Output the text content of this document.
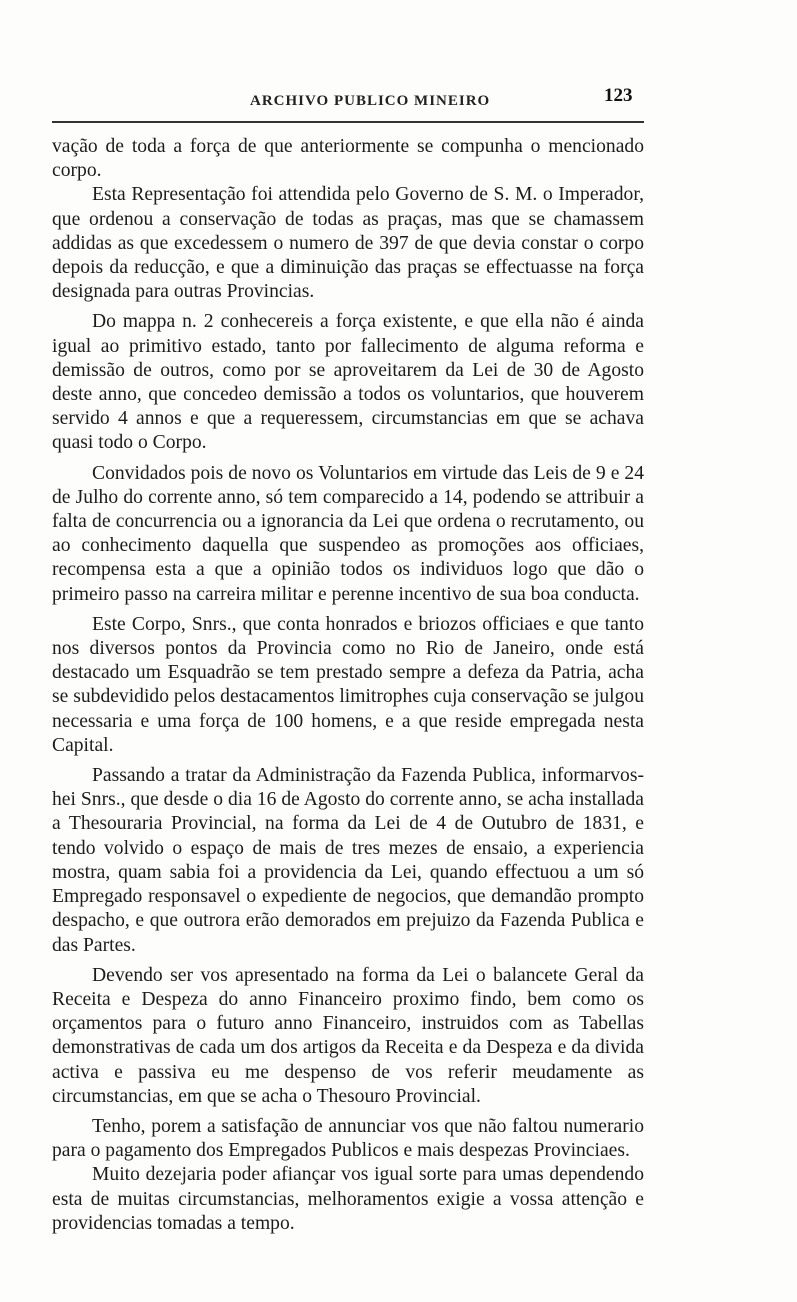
ARCHIVO PUBLICO MINEIRO	123

vação de toda a força de que anteriormente se compunha o mencionado corpo.

Esta Representação foi attendida pelo Governo de S. M. o Imperador, que ordenou a conservação de todas as praças, mas que se chamassem addidas as que excedessem o numero de 397 de que devia constar o corpo depois da reducção, e que a diminuição das praças se effectuasse na força designada para outras Provincias.

Do mappa n. 2 conhecereis a força existente, e que ella não é ainda igual ao primitivo estado, tanto por fallecimento de alguma reforma e demissão de outros, como por se aproveitarem da Lei de 30 de Agosto deste anno, que concedeo demissão a todos os voluntarios, que houverem servido 4 annos e que a requeressem, circumstancias em que se achava quasi todo o Corpo.

Convidados pois de novo os Voluntarios em virtude das Leis de 9 e 24 de Julho do corrente anno, só tem comparecido a 14, podendo se attribuir a falta de concurrencia ou a ignorancia da Lei que ordena o recrutamento, ou ao conhecimento daquella que suspendeo as promoções aos officiaes, recompensa esta a que a opinião todos os individuos logo que dão o primeiro passo na carreira militar e perenne incentivo de sua boa conducta.

Este Corpo, Snrs., que conta honrados e briozos officiaes e que tanto nos diversos pontos da Provincia como no Rio de Janeiro, onde está destacado um Esquadrão se tem prestado sempre a defeza da Patria, acha se subdevidido pelos destacamentos limitrophes cuja conservação se julgou necessaria e uma força de 100 homens, e a que reside empregada nesta Capital.

Passando a tratar da Administração da Fazenda Publica, informarvos-hei Snrs., que desde o dia 16 de Agosto do corrente anno, se acha installada a Thesouraria Provincial, na forma da Lei de 4 de Outubro de 1831, e tendo volvido o espaço de mais de tres mezes de ensaio, a experiencia mostra, quam sabia foi a providencia da Lei, quando effectuou a um só Empregado responsavel o expediente de negocios, que demandão prompto despacho, e que outrora erão demorados em prejuizo da Fazenda Publica e das Partes.

Devendo ser vos apresentado na forma da Lei o balancete Geral da Receita e Despeza do anno Financeiro proximo findo, bem como os orçamentos para o futuro anno Financeiro, instruidos com as Tabellas demonstrativas de cada um dos artigos da Receita e da Despeza e da divida activa e passiva eu me despenso de vos referir meudamente as circumstancias, em que se acha o Thesouro Provincial.

Tenho, porem a satisfação de annunciar vos que não faltou numerario para o pagamento dos Empregados Publicos e mais despezas Provinciaes.

Muito dezejaria poder afiançar vos igual sorte para umas dependendo esta de muitas circumstancias, melhoramentos exigie a vossa attenção e providencias tomadas a tempo.
